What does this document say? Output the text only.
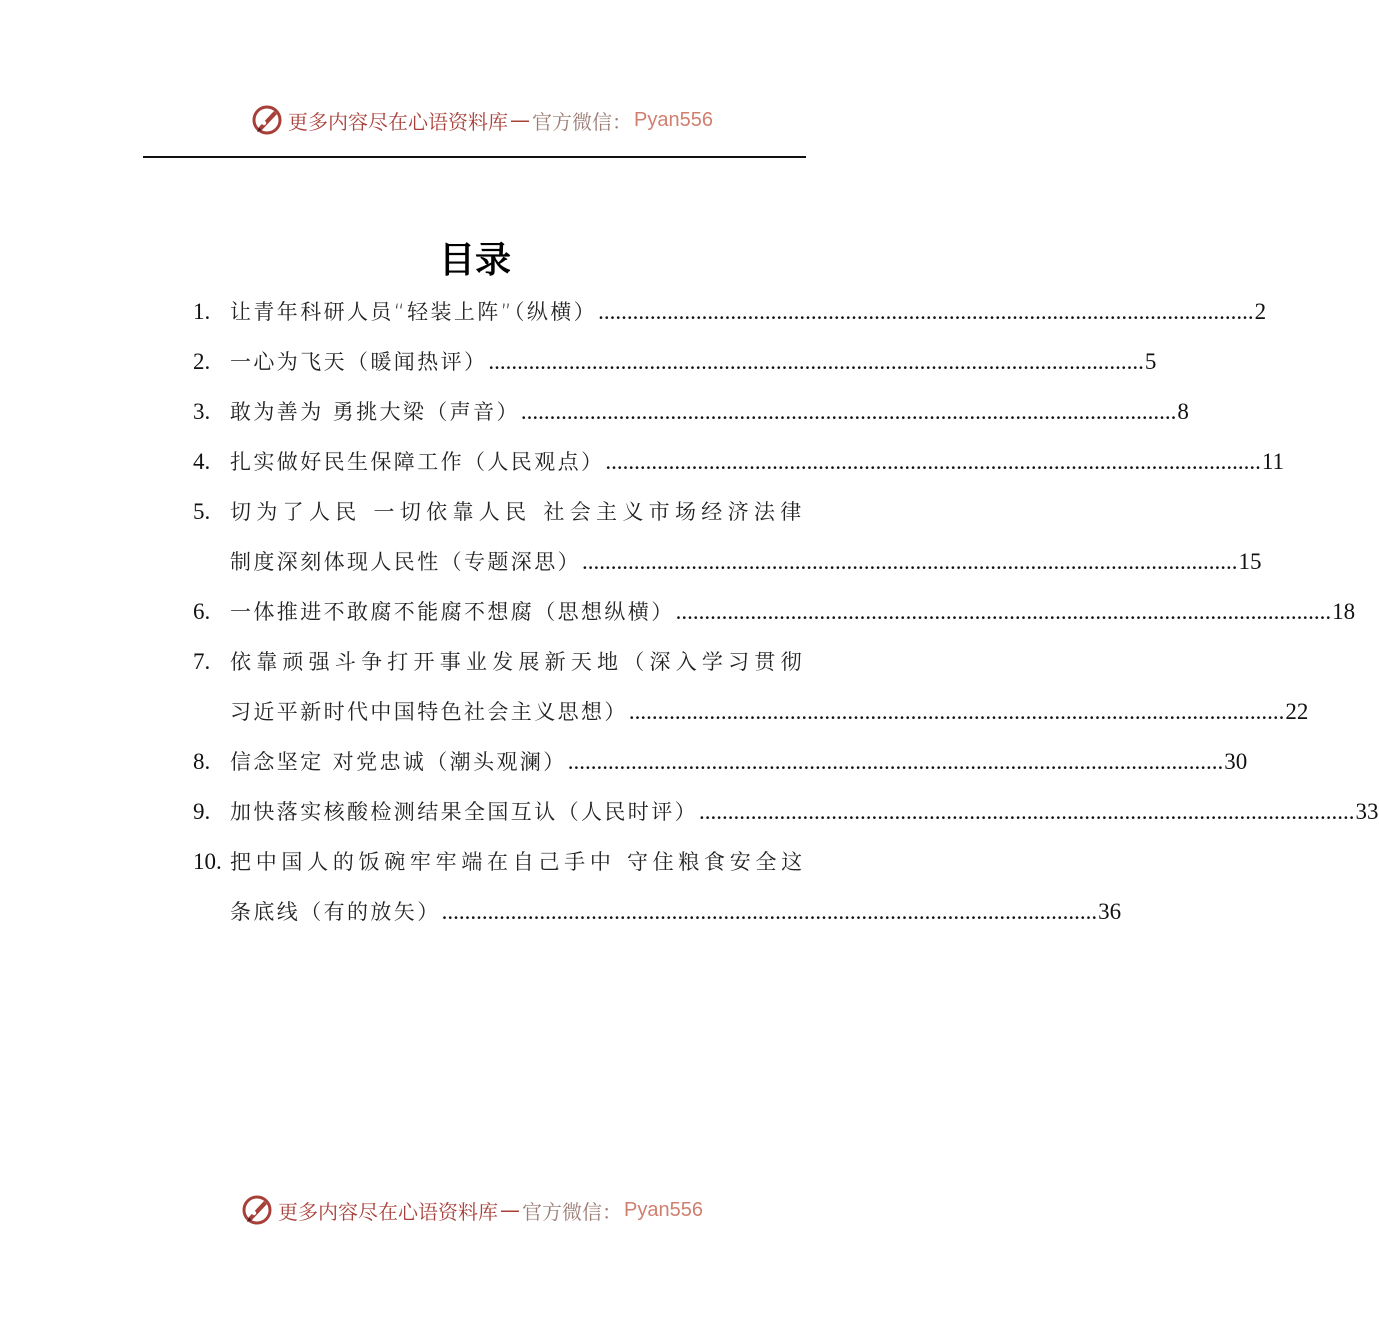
更多内容尽在心语资料库 — 官方微信： Pyan556
目录
1. 让青年科研人员“轻装上阵”（纵横） .................................................................................................................. 2
2. 一心为飞天（暖闻热评） .................................................................................................................. 5
3. 敢为善为 勇挑大梁（声音） .................................................................................................................. 8
4. 扎实做好民生保障工作（人民观点） .................................................................................................................. 11
5. 切为了人民 一切依靠人民 社会主义市场经济法律
制度深刻体现人民性（专题深思） .................................................................................................................. 15
6. 一体推进不敢腐不能腐不想腐（思想纵横） .................................................................................................................. 18
7. 依靠顽强斗争打开事业发展新天地（深入学习贯彻
习近平新时代中国特色社会主义思想） .................................................................................................................. 22
8. 信念坚定 对党忠诚（潮头观澜） .................................................................................................................. 30
9. 加快落实核酸检测结果全国互认（人民时评） .................................................................................................................. 33
10. 把中国人的饭碗牢牢端在自己手中 守住粮食安全这
条底线（有的放矢） .................................................................................................................. 36
更多内容尽在心语资料库 — 官方微信： Pyan556
